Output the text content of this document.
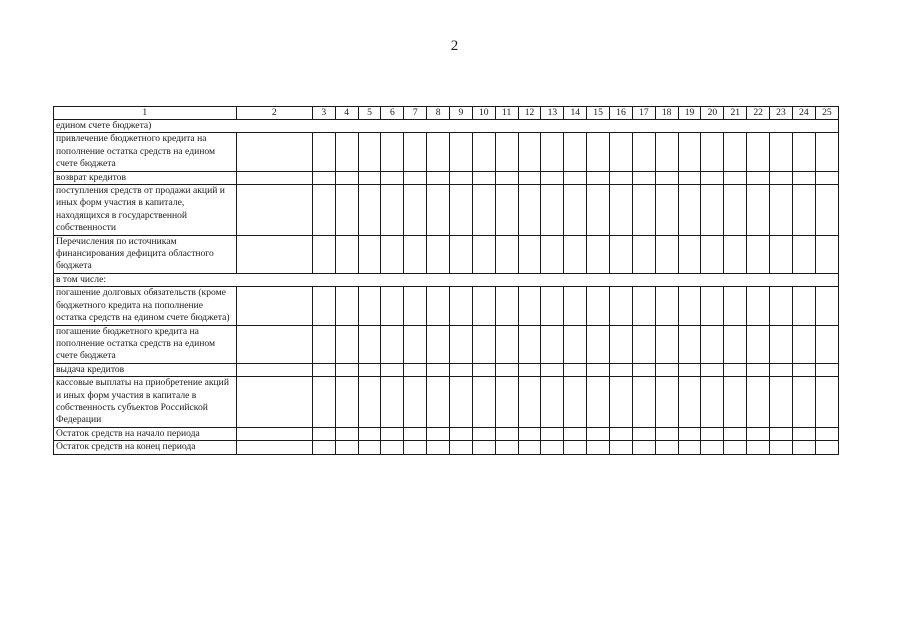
2
1	2	3	4	5	6	7	8	9	10	11	12	13	14	15	16	17	18	19	20	21	22	23	24	25
едином счете бюджета)																								
привлечение бюджетного кредита на пополнение остатка средств на едином счете бюджета																								
возврат кредитов																								
поступления средств от продажи акций и иных форм участия в капитале, находящихся в государственной собственности																								
Перечисления по источникам финансирования дефицита областного бюджета																								
в том числе:																								
погашение долговых обязательств (кроме бюджетного кредита на пополнение остатка средств на едином счете бюджета)																								
погашение бюджетного кредита на пополнение остатка средств на едином счете бюджета																								
выдача кредитов																								
кассовые выплаты на приобретение акций и иных форм участия в капитале в собственность субъектов Российской Федерации																								
Остаток средств на начало периода																								
Остаток средств на конец периода																								
